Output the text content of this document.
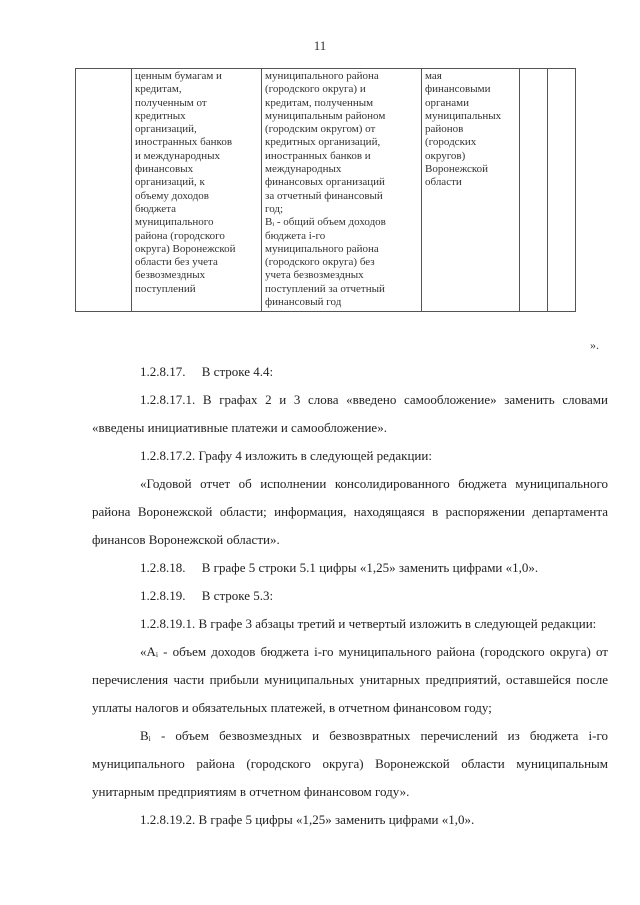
11
	ценным бумагам и
кредитам,
полученным от
кредитных
организаций,
иностранных банков
и международных
финансовых
организаций, к
объему доходов
бюджета
муниципального
района (городского
округа) Воронежской
области без учета
безвозмездных
поступлений	муниципального района
(городского округа) и
кредитам, полученным
муниципальным районом
(городским округом) от
кредитных организаций,
иностранных банков и
международных
финансовых организаций
за отчетный финансовый
год;
Bᵢ - общий объем доходов
бюджета i-го
муниципального района
(городского округа) без
учета безвозмездных
поступлений за отчетный
финансовый год	мая
финансовыми
органами
муниципальных
районов
(городских
округов)
Воронежской
области		
».

1.2.8.17.  В строке 4.4:

1.2.8.17.1. В графах 2 и 3 слова «введено самообложение» заменить словами «введены инициативные платежи и самообложение».

1.2.8.17.2. Графу 4 изложить в следующей редакции:

«Годовой отчет об исполнении консолидированного бюджета муниципального района Воронежской области; информация, находящаяся в распоряжении департамента финансов Воронежской области».

1.2.8.18.  В графе 5 строки 5.1 цифры «1,25» заменить цифрами «1,0».

1.2.8.19.  В строке 5.3:

1.2.8.19.1. В графе 3 абзацы третий и четвертый изложить в следующей редакции:

«Aᵢ - объем доходов бюджета i-го муниципального района (городского округа) от перечисления части прибыли муниципальных унитарных предприятий, оставшейся после уплаты налогов и обязательных платежей, в отчетном финансовом году;

Bᵢ - объем безвозмездных и безвозвратных перечислений из бюджета i-го муниципального района (городского округа) Воронежской области муниципальным унитарным предприятиям в отчетном финансовом году».

1.2.8.19.2. В графе 5 цифры «1,25» заменить цифрами «1,0».
